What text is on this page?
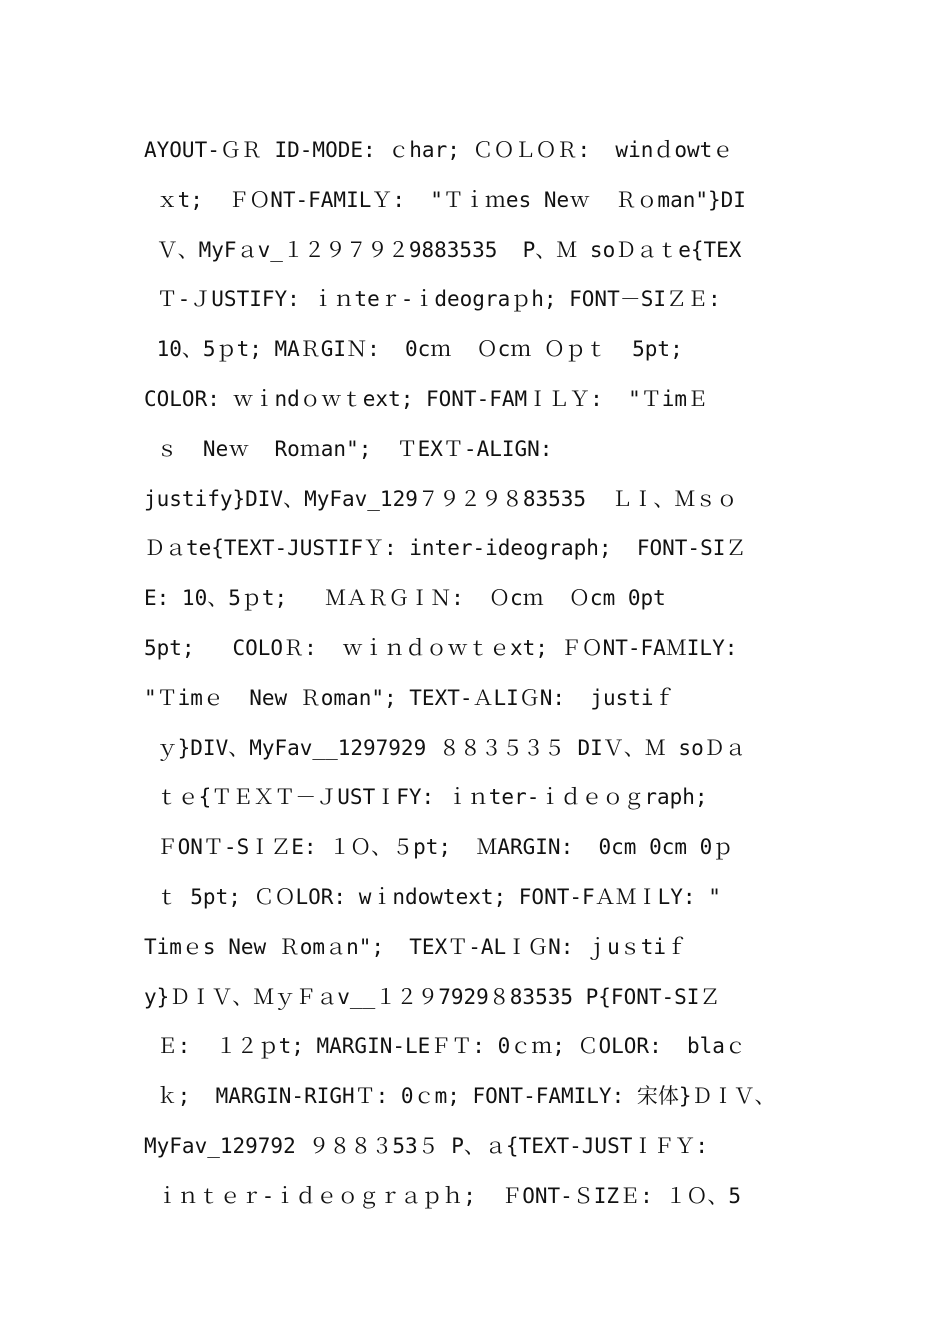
AYOUT-ＧＲ ID-MODE: ｃhar; ＣＯＬＯＲ:  winｄowtｅ
ｘt;  ＦＯNT-FAMILＹ:  "Ｔｉｍes Neｗ  Ｒｏman"}DI
Ｖ、MyFａv_１２９７９２9883535  P、Ｍ soＤａｔe{TEX
Ｔ-ＪUSTIFY: ｉｎteｒ-ｉdeograｐh; FONT－SIＺＥ:
10、5ｐt; MAＲGIＮ:  0cｍ  Ｏcｍ Ｏｐｔ  5pt;
COLOR: ｗｉndｏｗｔext; FONT-FAMＩＬＹ:  "ＴimＥ
ｓ  Neｗ  Roｍan";  ＴEXＴ-ALIGN:
justify}DIV、MyFav_129７９２９８83535  ＬＩ、Ｍｓｏ
Ｄａte{TEXT-JUSTIFＹ: inter-ideograph;  FONT-SIＺ
E: 10、5ｐt;   ＭＡＲＧＩＮ:  Ｏcｍ  Ｏcm 0pt
5pt;   COLOＲ:  ｗｉｎｄｏｗｔｅxt; ＦＯNT-FAＭILY:
"Ｔimｅ  New Ｒoman"; TEXT-ＡLIＧN:  justiｆ
ｙ}DIV、MyFav__1297929 ８８３５３５ DIＶ、Ｍ soＤａ
ｔｅ{ＴＥＸＴ－ＪUSTＩFY: ｉｎter-ｉｄｅｏｇraph;
ＦONＴ-SＩＺE: １Ｏ、５pt;  ＭARGIN:  0cm 0cm 0ｐ
ｔ 5pt; ＣＯLOR: wｉndowtext; FONT-FＡＭＩLY: "
Timｅs New Ｒomａn";  TEXＴ-ALＩＧN: ｊuｓtiｆ
y}ＤＩＶ、ＭｙＦａv__１２９7929８83535 P{FONT-SIＺ
Ｅ:  １２ｐt; MARGIN-LEＦＴ: 0ｃｍ; ＣOLOR:  blaｃ
ｋ;  MARGIN-RIGHＴ: 0ｃm; FONT-FAMILY: 宋体}ＤＩＶ、
MyFav_129792 ９８８３53５ P、ａ{TEXT-JUSTＩＦＹ:
ｉｎｔｅｒ-ｉｄｅｏｇｒａｐｈ;  ＦONT-ＳIZＥ: １Ｏ、5
